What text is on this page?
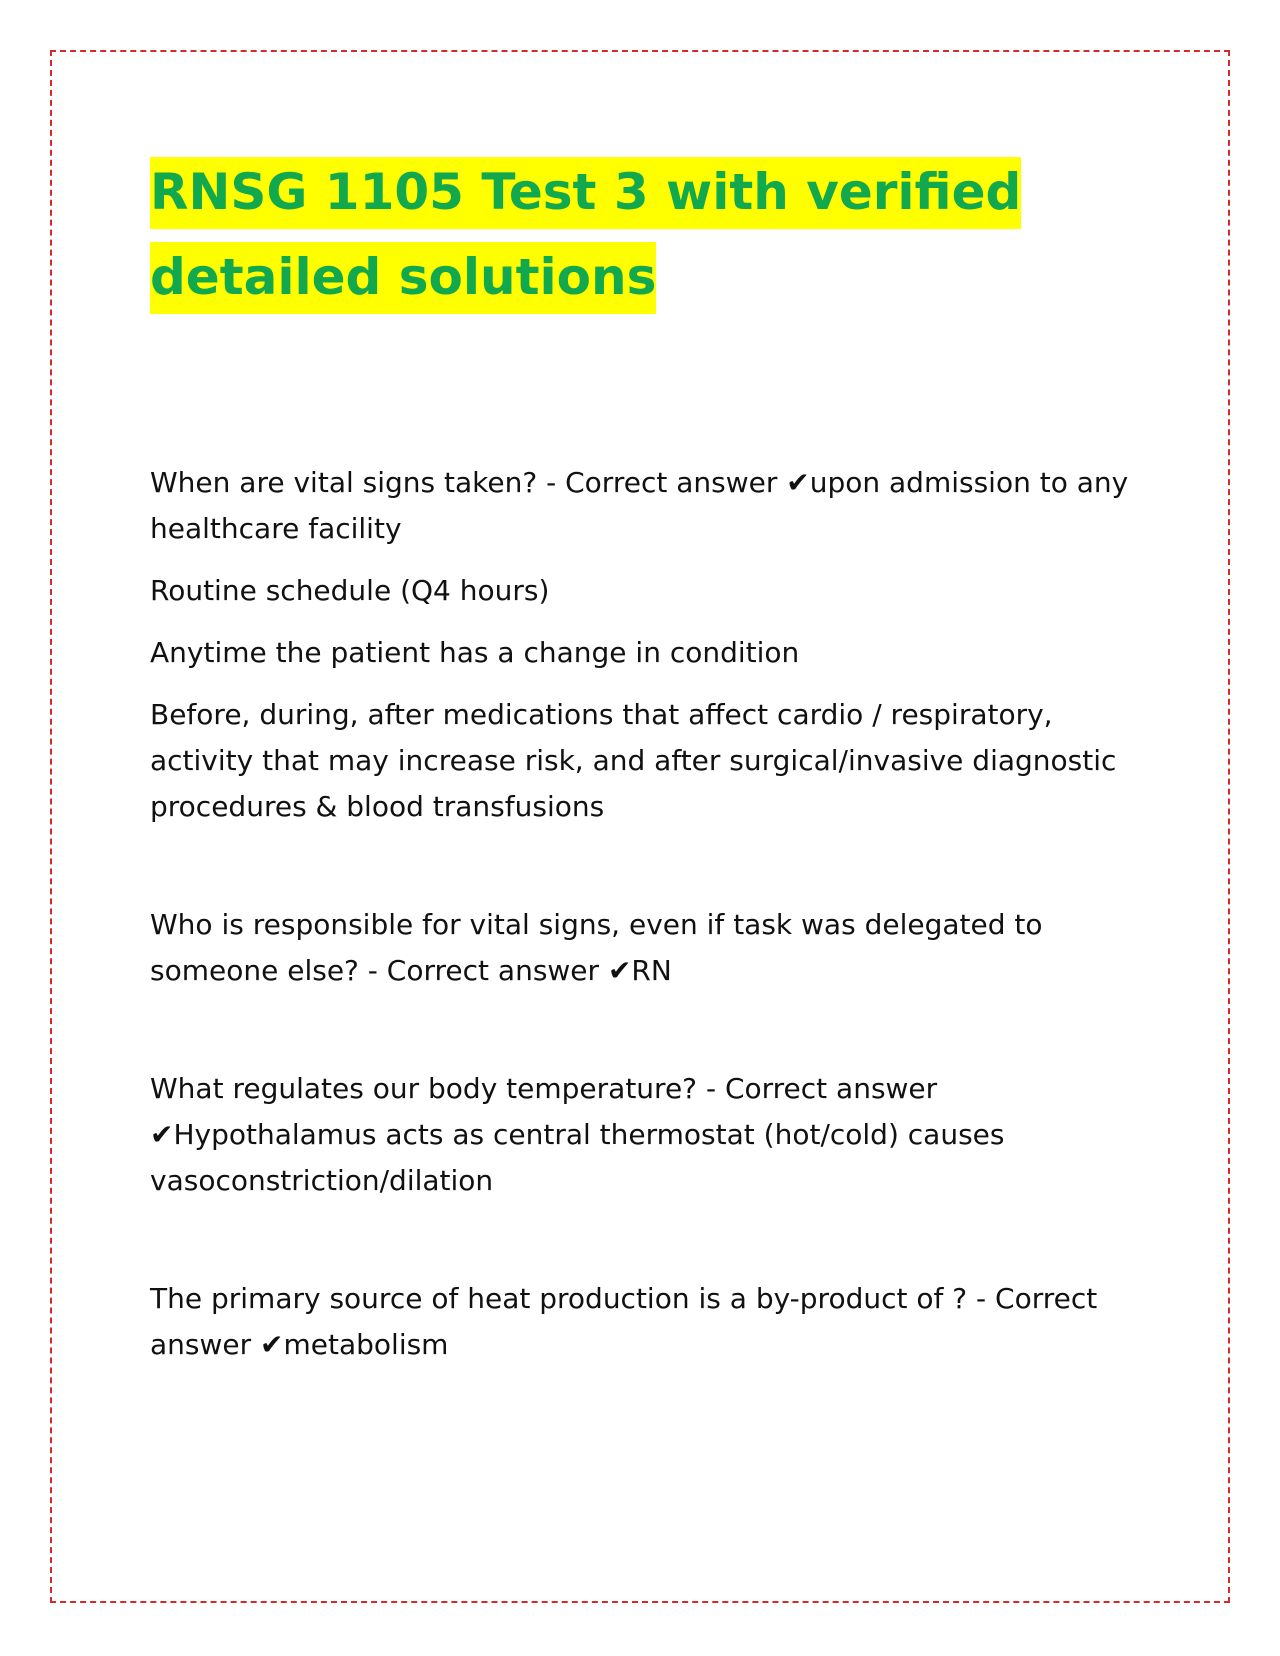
RNSG 1105 Test 3 with verified
detailed solutions

When are vital signs taken? - Correct answer ✔upon admission to any healthcare facility

Routine schedule (Q4 hours)

Anytime the patient has a change in condition

Before, during, after medications that affect cardio / respiratory, activity that may increase risk, and after surgical/invasive diagnostic procedures & blood transfusions

Who is responsible for vital signs, even if task was delegated to someone else? - Correct answer ✔RN

What regulates our body temperature? - Correct answer ✔Hypothalamus acts as central thermostat (hot/cold) causes vasoconstriction/dilation

The primary source of heat production is a by-product of ? - Correct answer ✔metabolism
